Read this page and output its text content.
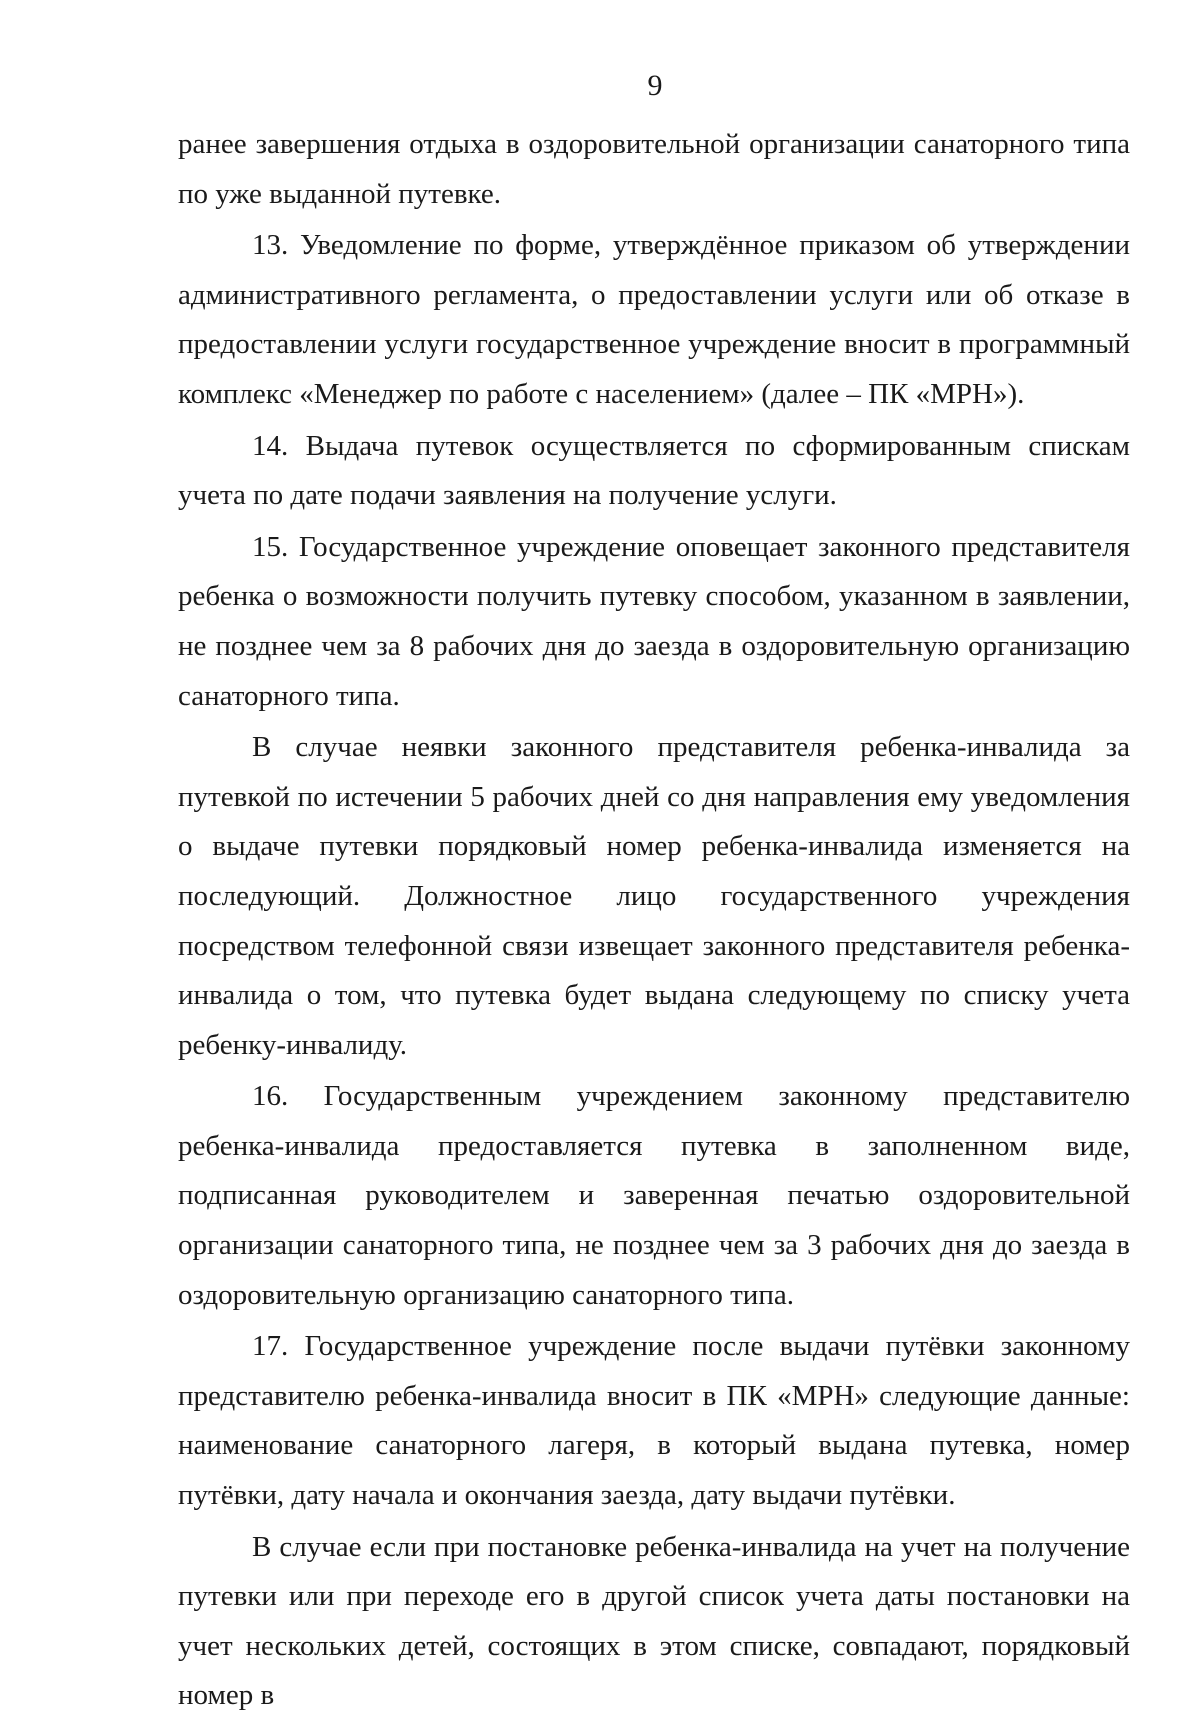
9

ранее завершения отдыха в оздоровительной организации санаторного типа по уже выданной путевке.

13. Уведомление по форме, утверждённое приказом об утверждении административного регламента, о предоставлении услуги или об отказе в предоставлении услуги государственное учреждение вносит в программный комплекс «Менеджер по работе с населением» (далее – ПК «МРН»).

14. Выдача путевок осуществляется по сформированным спискам учета по дате подачи заявления на получение услуги.

15. Государственное учреждение оповещает законного представителя ребенка о возможности получить путевку способом, указанном в заявлении, не позднее чем за 8 рабочих дня до заезда в оздоровительную организацию санаторного типа.

В случае неявки законного представителя ребенка-инвалида за путевкой по истечении 5 рабочих дней со дня направления ему уведомления о выдаче путевки порядковый номер ребенка-инвалида изменяется на последующий. Должностное лицо государственного учреждения посредством телефонной связи извещает законного представителя ребенка-инвалида о том, что путевка будет выдана следующему по списку учета ребенку-инвалиду.

16. Государственным учреждением законному представителю ребенка-инвалида предоставляется путевка в заполненном виде, подписанная руководителем и заверенная печатью оздоровительной организации санаторного типа, не позднее чем за 3 рабочих дня до заезда в оздоровительную организацию санаторного типа.

17. Государственное учреждение после выдачи путёвки законному представителю ребенка-инвалида вносит в ПК «МРН» следующие данные: наименование санаторного лагеря, в который выдана путевка, номер путёвки, дату начала и окончания заезда, дату выдачи путёвки.

В случае если при постановке ребенка-инвалида на учет на получение путевки или при переходе его в другой список учета даты постановки на учет нескольких детей, состоящих в этом списке, совпадают, порядковый номер в
